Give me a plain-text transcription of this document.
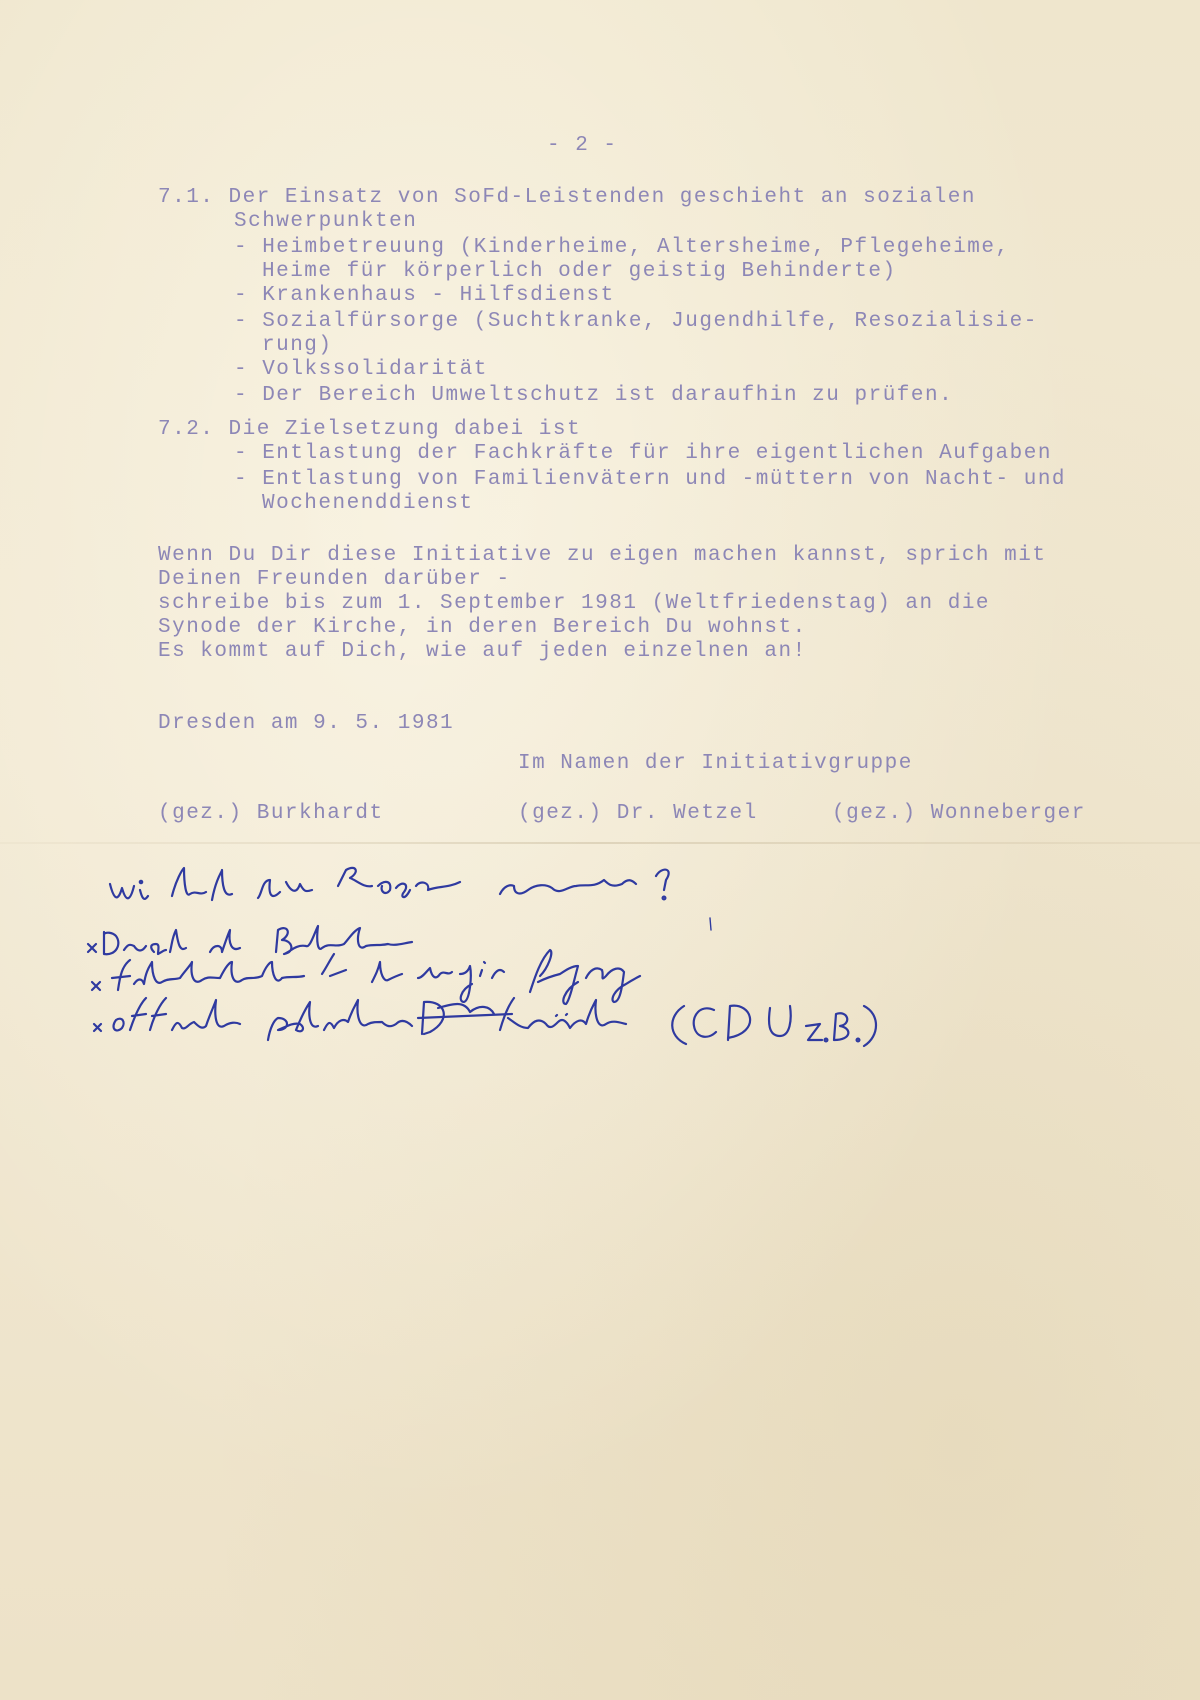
- 2 -
7.1. Der Einsatz von SoFd-Leistenden geschieht an sozialen
Schwerpunkten
- Heimbetreuung (Kinderheime, Altersheime, Pflegeheime,
Heime für körperlich oder geistig Behinderte)
- Krankenhaus - Hilfsdienst
- Sozialfürsorge (Suchtkranke, Jugendhilfe, Resozialisie-
rung)
- Volkssolidarität
- Der Bereich Umweltschutz ist daraufhin zu prüfen.
7.2. Die Zielsetzung dabei ist
- Entlastung der Fachkräfte für ihre eigentlichen Aufgaben
- Entlastung von Familienvätern und -müttern von Nacht- und
Wochenenddienst
Wenn Du Dir diese Initiative zu eigen machen kannst, sprich mit
Deinen Freunden darüber -
schreibe bis zum 1. September 1981 (Weltfriedenstag) an die
Synode der Kirche, in deren Bereich Du wohnst.
Es kommt auf Dich, wie auf jeden einzelnen an!
Dresden am 9. 5. 1981
Im Namen der Initiativgruppe
(gez.) Burkhardt	(gez.) Dr. Wetzel	(gez.) Wonneberger
